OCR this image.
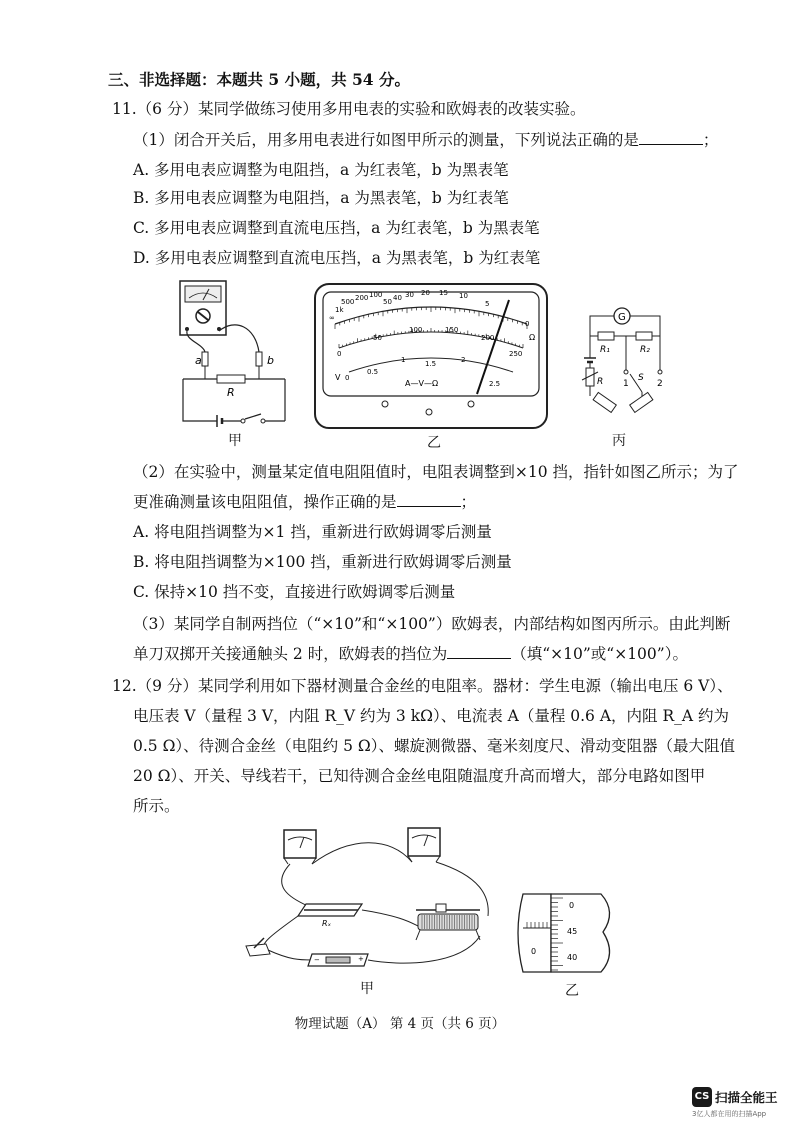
三、非选择题：本题共 5 小题，共 54 分。
11.（6 分）某同学做练习使用多用电表的实验和欧姆表的改装实验。
（1）闭合开关后，用多用电表进行如图甲所示的测量，下列说法正确的是	；
A. 多用电表应调整为电阻挡，a 为红表笔，b 为黑表笔
B. 多用电表应调整为电阻挡，a 为黑表笔，b 为红表笔
C. 多用电表应调整到直流电压挡，a 为红表笔，b 为黑表笔
D. 多用电表应调整到直流电压挡，a 为黑表笔，b 为红表笔
a	b
R
甲
∞
1k
500 200 100
50 40 30 20 15 10
5
0
Ω
0
50
100	150
200
250
V 0
0.5
1	1.5	2
2.5
A—V—Ω
乙
G
R₁	R₂
R 1
S
2
丙
（2）在实验中，测量某定值电阻阻值时，电阻表调整到×10 挡，指针如图乙所示；为了
更准确测量该电阻阻值，操作正确的是	；
A. 将电阻挡调整为×1 挡，重新进行欧姆调零后测量
B. 将电阻挡调整为×100 挡，重新进行欧姆调零后测量
C. 保持×10 挡不变，直接进行欧姆调零后测量
（3）某同学自制两挡位（“×10”和“×100”）欧姆表，内部结构如图丙所示。由此判断
单刀双掷开关接通触头 2 时，欧姆表的挡位为	（填“×10”或“×100”）。
12.（9 分）某同学利用如下器材测量合金丝的电阻率。器材：学生电源（输出电压 6 V）、
电压表 V（量程 3 V，内阻 R_V 约为 3 kΩ）、电流表 A（量程 0.6 A，内阻 R_A 约为
0.5 Ω）、待测合金丝（电阻约 5 Ω）、螺旋测微器、毫米刻度尺、滑动变阻器（最大阻值
20 Ω）、开关、导线若干，已知待测合金丝电阻随温度升高而增大，部分电路如图甲
所示。
Rₓ
−	+
甲
0
0
45
40
乙
物理试题（A） 第 4 页（共 6 页）
CS 扫描全能王
3亿人都在用的扫描App
